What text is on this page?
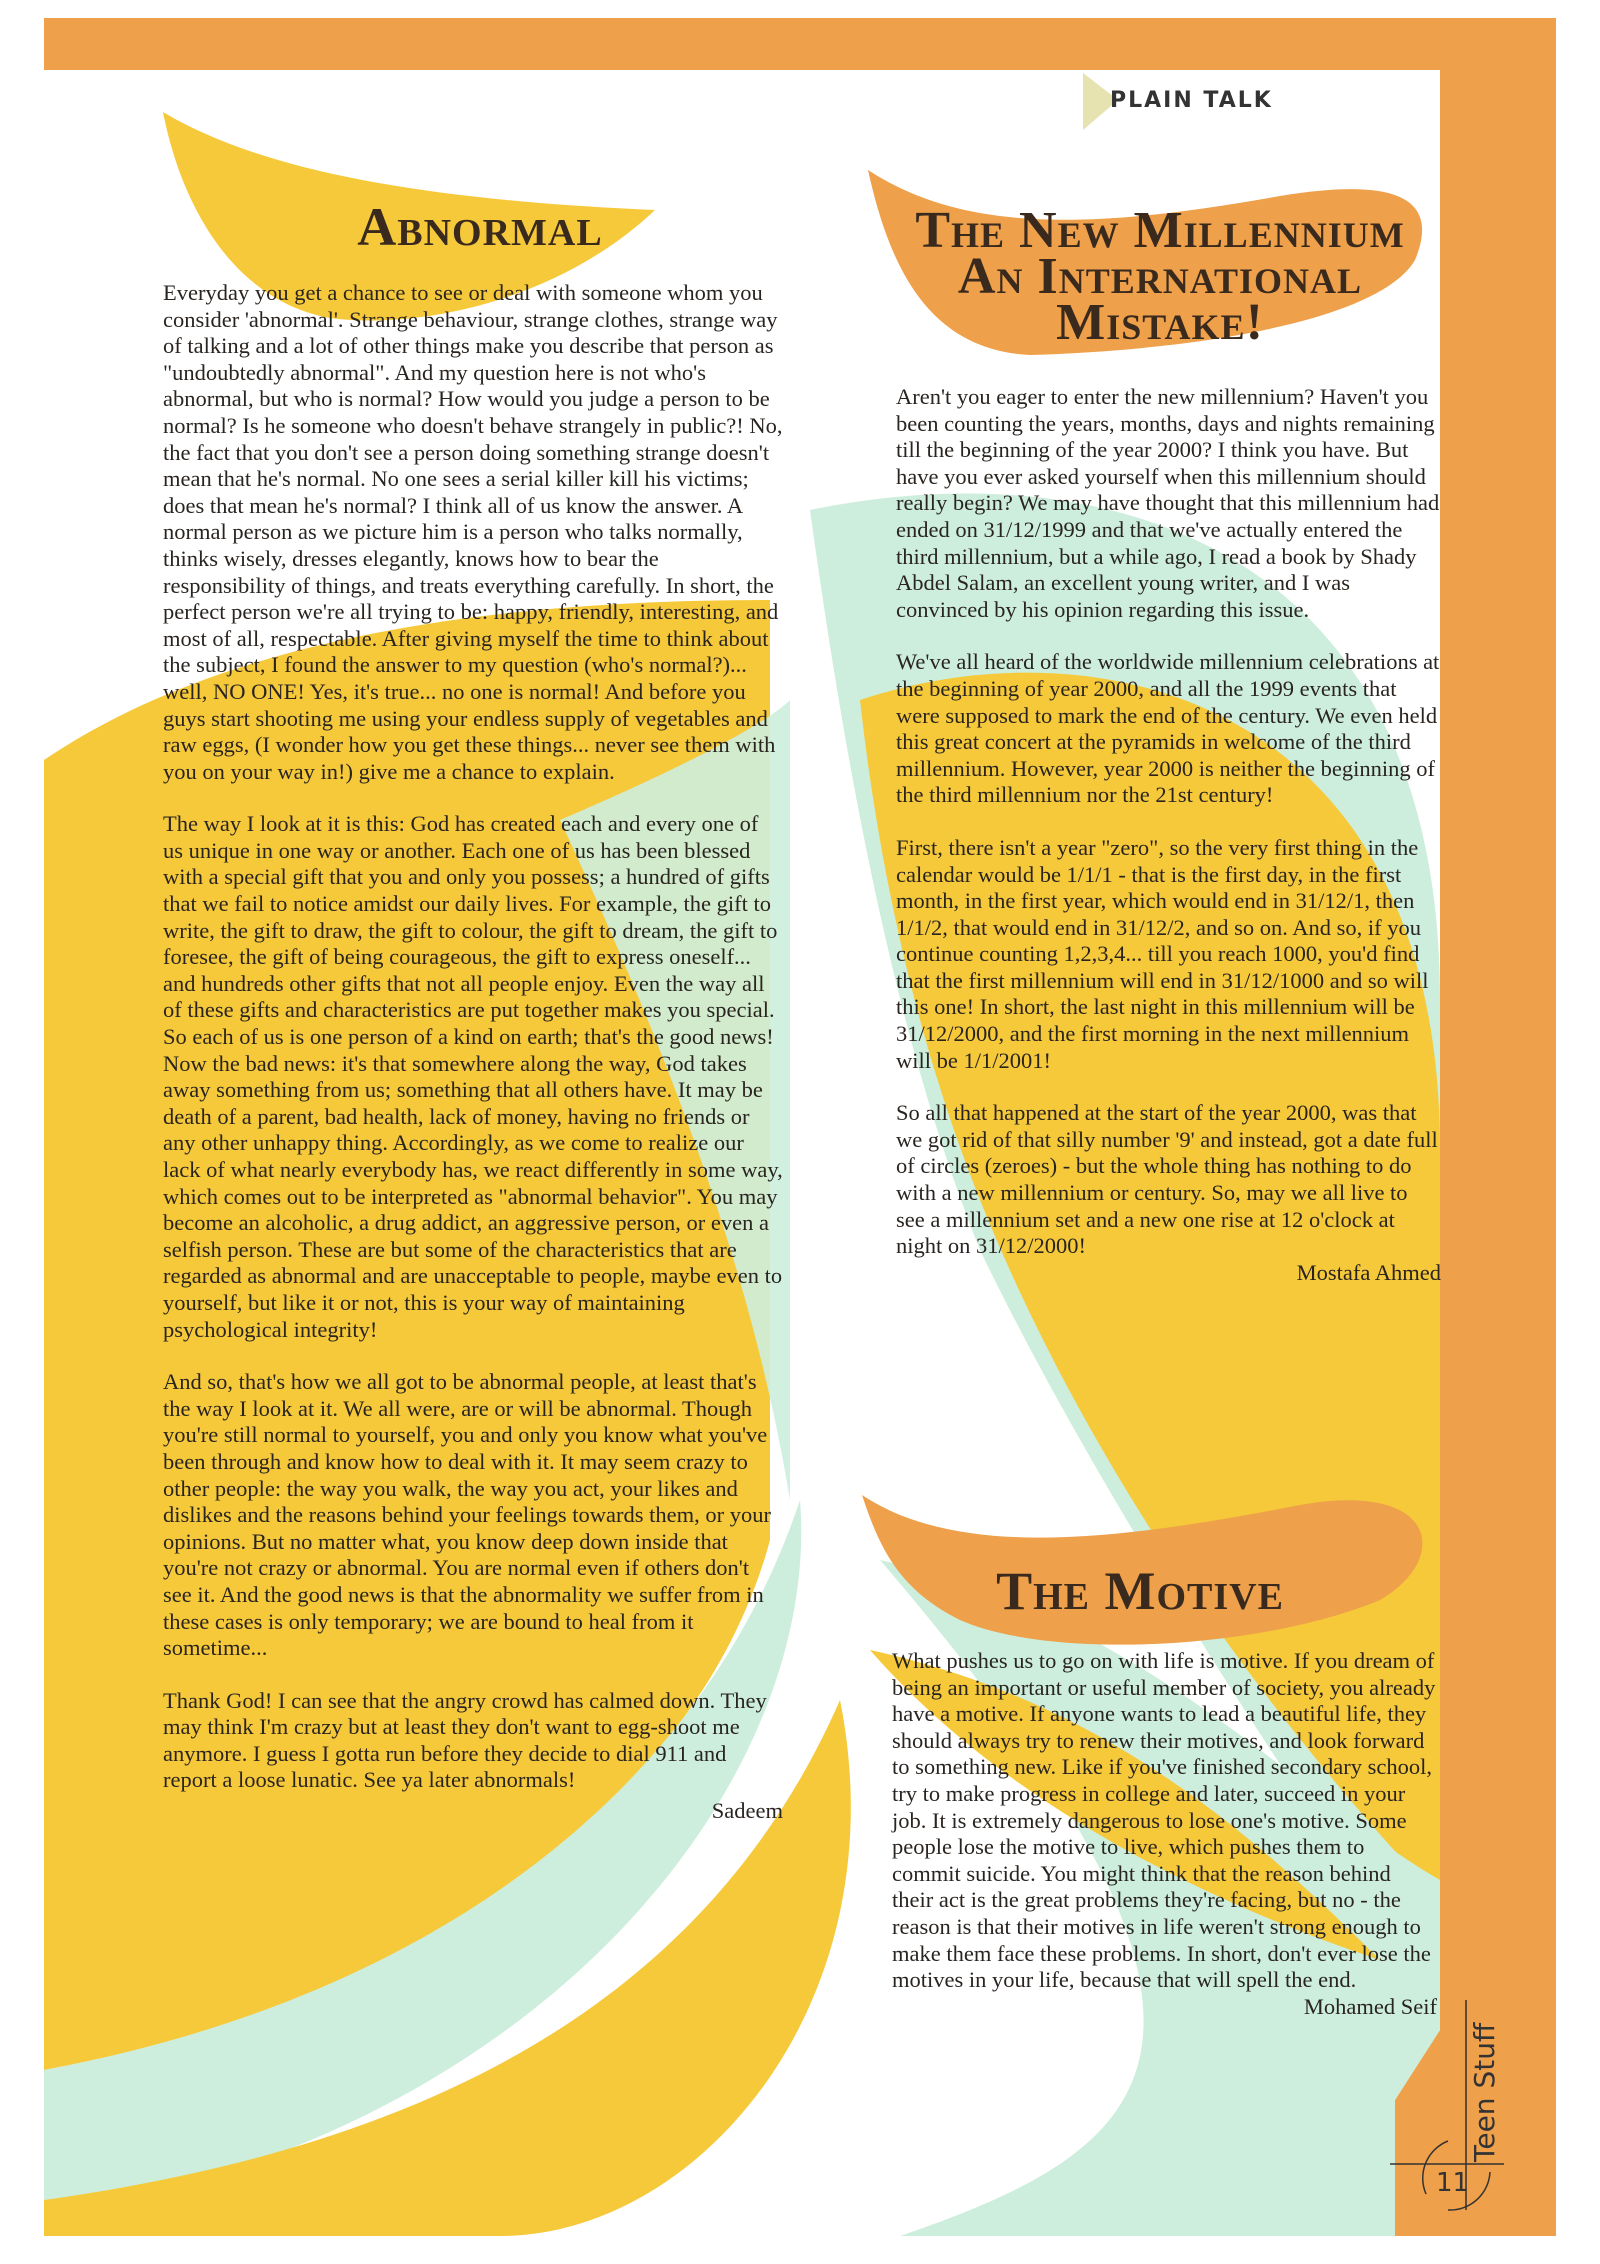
PLAIN TALK
Abnormal

Everyday you get a chance to see or deal with someone whom you consider 'abnormal'. Strange behaviour, strange clothes, strange way of talking and a lot of other things make you describe that person as "undoubtedly abnormal". And my question here is not who's abnormal, but who is normal? How would you judge a person to be normal? Is he someone who doesn't behave strangely in public?! No, the fact that you don't see a person doing something strange doesn't mean that he's normal. No one sees a serial killer kill his victims; does that mean he's normal? I think all of us know the answer. A normal person as we picture him is a person who talks normally, thinks wisely, dresses elegantly, knows how to bear the responsibility of things, and treats everything carefully. In short, the perfect person we're all trying to be: happy, friendly, interesting, and most of all, respectable. After giving myself the time to think about the subject, I found the answer to my question (who's normal?)... well, NO ONE! Yes, it's true... no one is normal! And before you guys start shooting me using your endless supply of vegetables and raw eggs, (I wonder how you get these things... never see them with you on your way in!) give me a chance to explain.

The way I look at it is this: God has created each and every one of us unique in one way or another. Each one of us has been blessed with a special gift that you and only you possess; a hundred of gifts that we fail to notice amidst our daily lives. For example, the gift to write, the gift to draw, the gift to colour, the gift to dream, the gift to foresee, the gift of being courageous, the gift to express oneself... and hundreds other gifts that not all people enjoy. Even the way all of these gifts and characteristics are put together makes you special. So each of us is one person of a kind on earth; that's the good news! Now the bad news: it's that somewhere along the way, God takes away something from us; something that all others have. It may be death of a parent, bad health, lack of money, having no friends or any other unhappy thing. Accordingly, as we come to realize our lack of what nearly everybody has, we react differently in some way, which comes out to be interpreted as "abnormal behavior". You may become an alcoholic, a drug addict, an aggressive person, or even a selfish person. These are but some of the characteristics that are regarded as abnormal and are unacceptable to people, maybe even to yourself, but like it or not, this is your way of maintaining psychological integrity!

And so, that's how we all got to be abnormal people, at least that's the way I look at it. We all were, are or will be abnormal. Though you're still normal to yourself, you and only you know what you've been through and know how to deal with it. It may seem crazy to other people: the way you walk, the way you act, your likes and dislikes and the reasons behind your feelings towards them, or your opinions. But no matter what, you know deep down inside that you're not crazy or abnormal. You are normal even if others don't see it. And the good news is that the abnormality we suffer from in these cases is only temporary; we are bound to heal from it sometime...

Thank God! I can see that the angry crowd has calmed down. They may think I'm crazy but at least they don't want to egg-shoot me anymore. I guess I gotta run before they decide to dial 911 and report a loose lunatic. See ya later abnormals!

Sadeem
The New Millennium
An International
Mistake!

Aren't you eager to enter the new millennium? Haven't you been counting the years, months, days and nights remaining till the beginning of the year 2000? I think you have. But have you ever asked yourself when this millennium should really begin? We may have thought that this millennium had ended on 31/12/1999 and that we've actually entered the third millennium, but a while ago, I read a book by Shady Abdel Salam, an excellent young writer, and I was convinced by his opinion regarding this issue.

We've all heard of the worldwide millennium celebrations at the beginning of year 2000, and all the 1999 events that were supposed to mark the end of the century. We even held this great concert at the pyramids in welcome of the third millennium. However, year 2000 is neither the beginning of the third millennium nor the 21st century!

First, there isn't a year "zero", so the very first thing in the calendar would be 1/1/1 - that is the first day, in the first month, in the first year, which would end in 31/12/1, then 1/1/2, that would end in 31/12/2, and so on. And so, if you continue counting 1,2,3,4... till you reach 1000, you'd find that the first millennium will end in 31/12/1000 and so will this one! In short, the last night in this millennium will be 31/12/2000, and the first morning in the next millennium will be 1/1/2001!

So all that happened at the start of the year 2000, was that we got rid of that silly number '9' and instead, got a date full of circles (zeroes) - but the whole thing has nothing to do with a new millennium or century. So, may we all live to see a millennium set and a new one rise at 12 o'clock at night on 31/12/2000!

Mostafa Ahmed
The Motive

What pushes us to go on with life is motive. If you dream of being an important or useful member of society, you already have a motive. If anyone wants to lead a beautiful life, they should always try to renew their motives, and look forward to something new. Like if you've finished secondary school, try to make progress in college and later, succeed in your job. It is extremely dangerous to lose one's motive. Some people lose the motive to live, which pushes them to commit suicide. You might think that the reason behind their act is the great problems they're facing, but no - the reason is that their motives in life weren't strong enough to make them face these problems. In short, don't ever lose the motives in your life, because that will spell the end.

Mohamed Seif
Teen Stuff
11
